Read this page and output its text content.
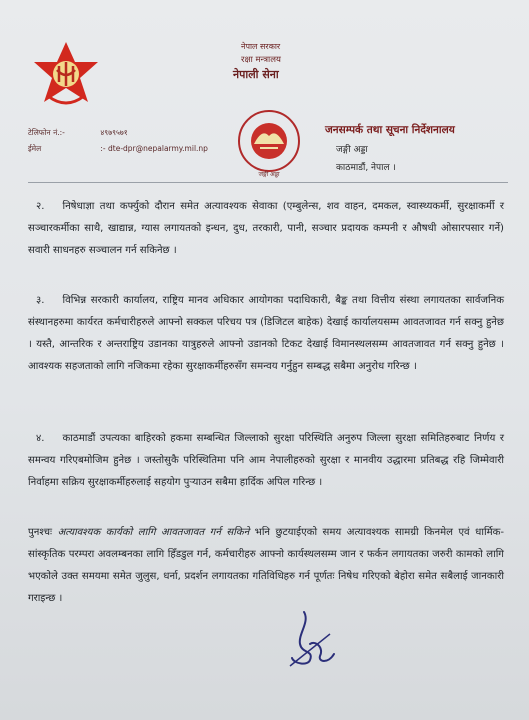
नेपाल सरकार
रक्षा मन्त्रालय
नेपाली सेना
टेलिफोन नं.:-	४९७९५७१
ईमेल	:- dte-dpr@nepalarmy.mil.np
जङ्गी अड्डा
जनसम्पर्क तथा सूचना निर्देशनालय
जङ्गी अड्डा
काठमाडौं, नेपाल ।
२. निषेधाज्ञा तथा कर्फ्युको दौरान समेत अत्यावश्यक सेवाका (एम्बुलेन्स, शव वाहन, दमकल, स्वास्थ्यकर्मी, सुरक्षाकर्मी र सञ्चारकर्मीका साथै, खाद्यान्न, ग्यास लगायतको इन्धन, दुध, तरकारी, पानी, सञ्चार प्रदायक कम्पनी र औषधी ओसारपसार गर्ने) सवारी साधनहरु सञ्चालन गर्न सकिनेछ ।
३. विभिन्न सरकारी कार्यालय, राष्ट्रिय मानव अधिकार आयोगका पदाधिकारी, बैङ्क तथा वित्तीय संस्था लगायतका सार्वजनिक संस्थानहरुमा कार्यरत कर्मचारीहरुले आफ्नो सक्कल परिचय पत्र (डिजिटल बाहेक) देखाई कार्यालयसम्म आवतजावत गर्न सक्नु हुनेछ । यस्तै, आन्तरिक र अन्तराष्ट्रिय उडानका यात्रुहरुले आफ्नो उडानको टिकट देखाई विमानस्थलसम्म आवतजावत गर्न सक्नु हुनेछ । आवश्यक सहजताको लागि नजिकमा रहेका सुरक्षाकर्मीहरुसँग समन्वय गर्नुहुन सम्बद्ध सबैमा अनुरोध गरिन्छ ।
४. काठमाडौं उपत्यका बाहिरको हकमा सम्बन्धित जिल्लाको सुरक्षा परिस्थिति अनुरुप जिल्ला सुरक्षा समितिहरुबाट निर्णय र समन्वय गरिएबमोजिम हुनेछ । जस्तोसुकै परिस्थितिमा पनि आम नेपालीहरुको सुरक्षा र मानवीय उद्धारमा प्रतिबद्ध रहि जिम्मेवारी निर्वाहमा सक्रिय सुरक्षाकर्मीहरुलाई सहयोग पुऱ्याउन सबैमा हार्दिक अपिल गरिन्छ ।
पुनश्चः अत्यावश्यक कार्यको लागि आवतजावत गर्न सकिने भनि छुटयाईएको समय अत्यावश्यक सामग्री किनमेल एवं धार्मिक-सांस्कृतिक परम्परा अवलम्बनका लागि हिँडडुल गर्न, कर्मचारीहरु आफ्नो कार्यस्थलसम्म जान र फर्कन लगायतका जरुरी कामको लागि भएकोले उक्त समयमा समेत जुलुस, धर्ना, प्रदर्शन लगायतका गतिविधिहरु गर्न पूर्णतः निषेध गरिएको बेहोरा समेत सबैलाई जानकारी गराइन्छ ।
